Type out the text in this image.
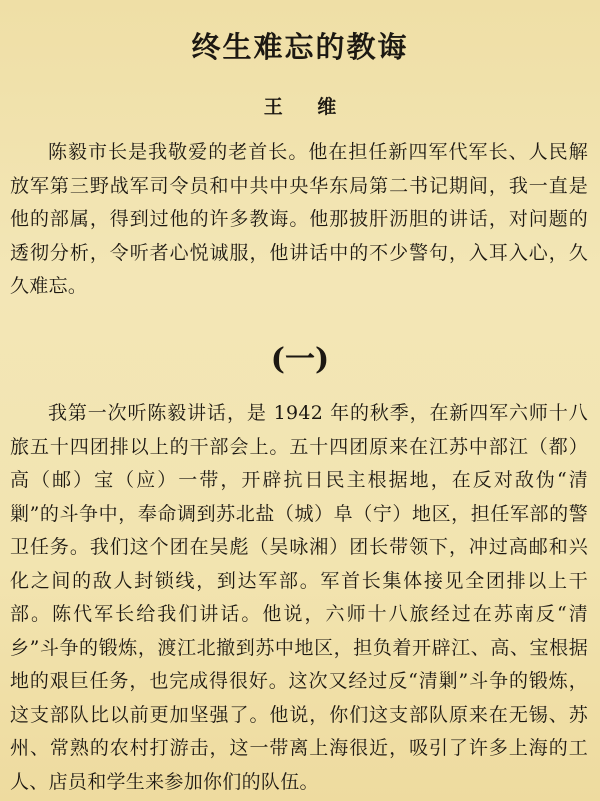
终生难忘的教诲
王 维

陈毅市长是我敬爱的老首长。他在担任新四军代军长、人民解放军第三野战军司令员和中共中央华东局第二书记期间，我一直是他的部属，得到过他的许多教诲。他那披肝沥胆的讲话，对问题的透彻分析，令听者心悦诚服，他讲话中的不少警句，入耳入心，久久难忘。

(一)

我第一次听陈毅讲话，是 1942 年的秋季，在新四军六师十八旅五十四团排以上的干部会上。五十四团原来在江苏中部江（都）高（邮）宝（应）一带，开辟抗日民主根据地，在反对敌伪“清剿”的斗争中，奉命调到苏北盐（城）阜（宁）地区，担任军部的警卫任务。我们这个团在吴彪（吴咏湘）团长带领下，冲过高邮和兴化之间的敌人封锁线，到达军部。军首长集体接见全团排以上干部。陈代军长给我们讲话。他说，六师十八旅经过在苏南反“清乡”斗争的锻炼，渡江北撤到苏中地区，担负着开辟江、高、宝根据地的艰巨任务，也完成得很好。这次又经过反“清剿”斗争的锻炼，这支部队比以前更加坚强了。他说，你们这支部队原来在无锡、苏州、常熟的农村打游击，这一带离上海很近，吸引了许多上海的工人、店员和学生来参加你们的队伍。
